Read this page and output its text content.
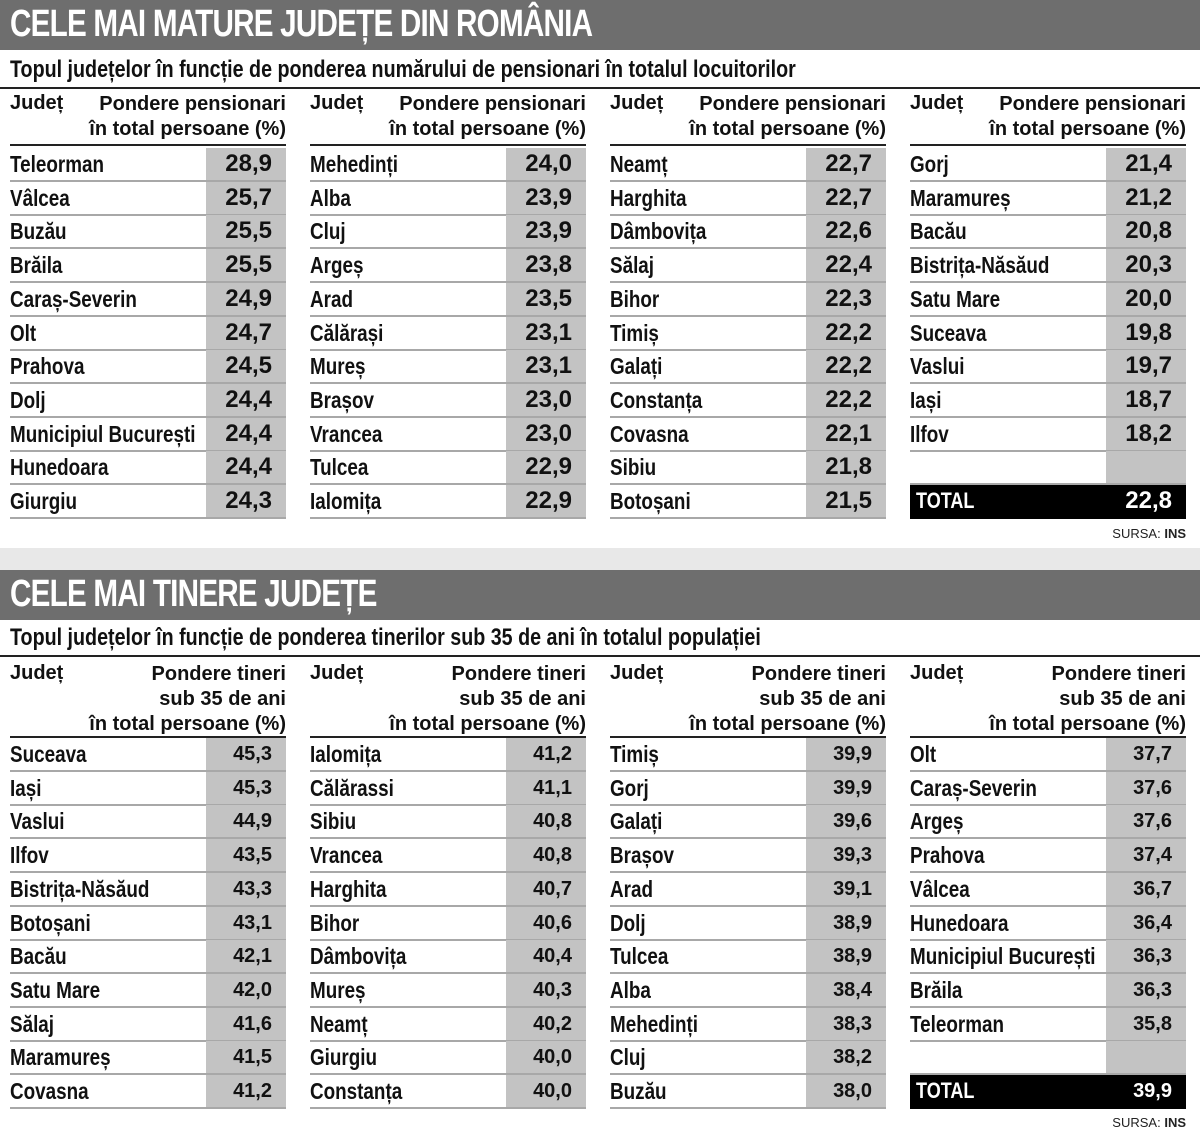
CELE MAI MATURE JUDEȚE DIN ROMÂNIA
Topul județelor în funcție de ponderea numărului de pensionari în totalul locuitorilor
Județ	Pondere pensionari
în total persoane (%)
Teleorman	28,9
Vâlcea	25,7
Buzău	25,5
Brăila	25,5
Caraș-Severin	24,9
Olt	24,7
Prahova	24,5
Dolj	24,4
Municipiul București	24,4
Hunedoara	24,4
Giurgiu	24,3
Județ	Pondere pensionari
în total persoane (%)
Mehedinți	24,0
Alba	23,9
Cluj	23,9
Argeș	23,8
Arad	23,5
Călărași	23,1
Mureș	23,1
Brașov	23,0
Vrancea	23,0
Tulcea	22,9
Ialomița	22,9
Județ	Pondere pensionari
în total persoane (%)
Neamț	22,7
Harghita	22,7
Dâmbovița	22,6
Sălaj	22,4
Bihor	22,3
Timiș	22,2
Galați	22,2
Constanța	22,2
Covasna	22,1
Sibiu	21,8
Botoșani	21,5
Județ	Pondere pensionari
în total persoane (%)
Gorj	21,4
Maramureș	21,2
Bacău	20,8
Bistrița-Năsăud	20,3
Satu Mare	20,0
Suceava	19,8
Vaslui	19,7
Iași	18,7
Ilfov	18,2
TOTAL	22,8
SURSA: INS
CELE MAI TINERE JUDEȚE
Topul județelor în funcție de ponderea tinerilor sub 35 de ani în totalul populației
Județ	Pondere tineri
sub 35 de ani
în total persoane (%)
Suceava	45,3
Iași	45,3
Vaslui	44,9
Ilfov	43,5
Bistrița-Năsăud	43,3
Botoșani	43,1
Bacău	42,1
Satu Mare	42,0
Sălaj	41,6
Maramureș	41,5
Covasna	41,2
Județ	Pondere tineri
sub 35 de ani
în total persoane (%)
Ialomița	41,2
Călărassi	41,1
Sibiu	40,8
Vrancea	40,8
Harghita	40,7
Bihor	40,6
Dâmbovița	40,4
Mureș	40,3
Neamț	40,2
Giurgiu	40,0
Constanța	40,0
Județ	Pondere tineri
sub 35 de ani
în total persoane (%)
Timiș	39,9
Gorj	39,9
Galați	39,6
Brașov	39,3
Arad	39,1
Dolj	38,9
Tulcea	38,9
Alba	38,4
Mehedinți	38,3
Cluj	38,2
Buzău	38,0
Județ	Pondere tineri
sub 35 de ani
în total persoane (%)
Olt	37,7
Caraș-Severin	37,6
Argeș	37,6
Prahova	37,4
Vâlcea	36,7
Hunedoara	36,4
Municipiul București	36,3
Brăila	36,3
Teleorman	35,8
TOTAL	39,9
SURSA: INS
